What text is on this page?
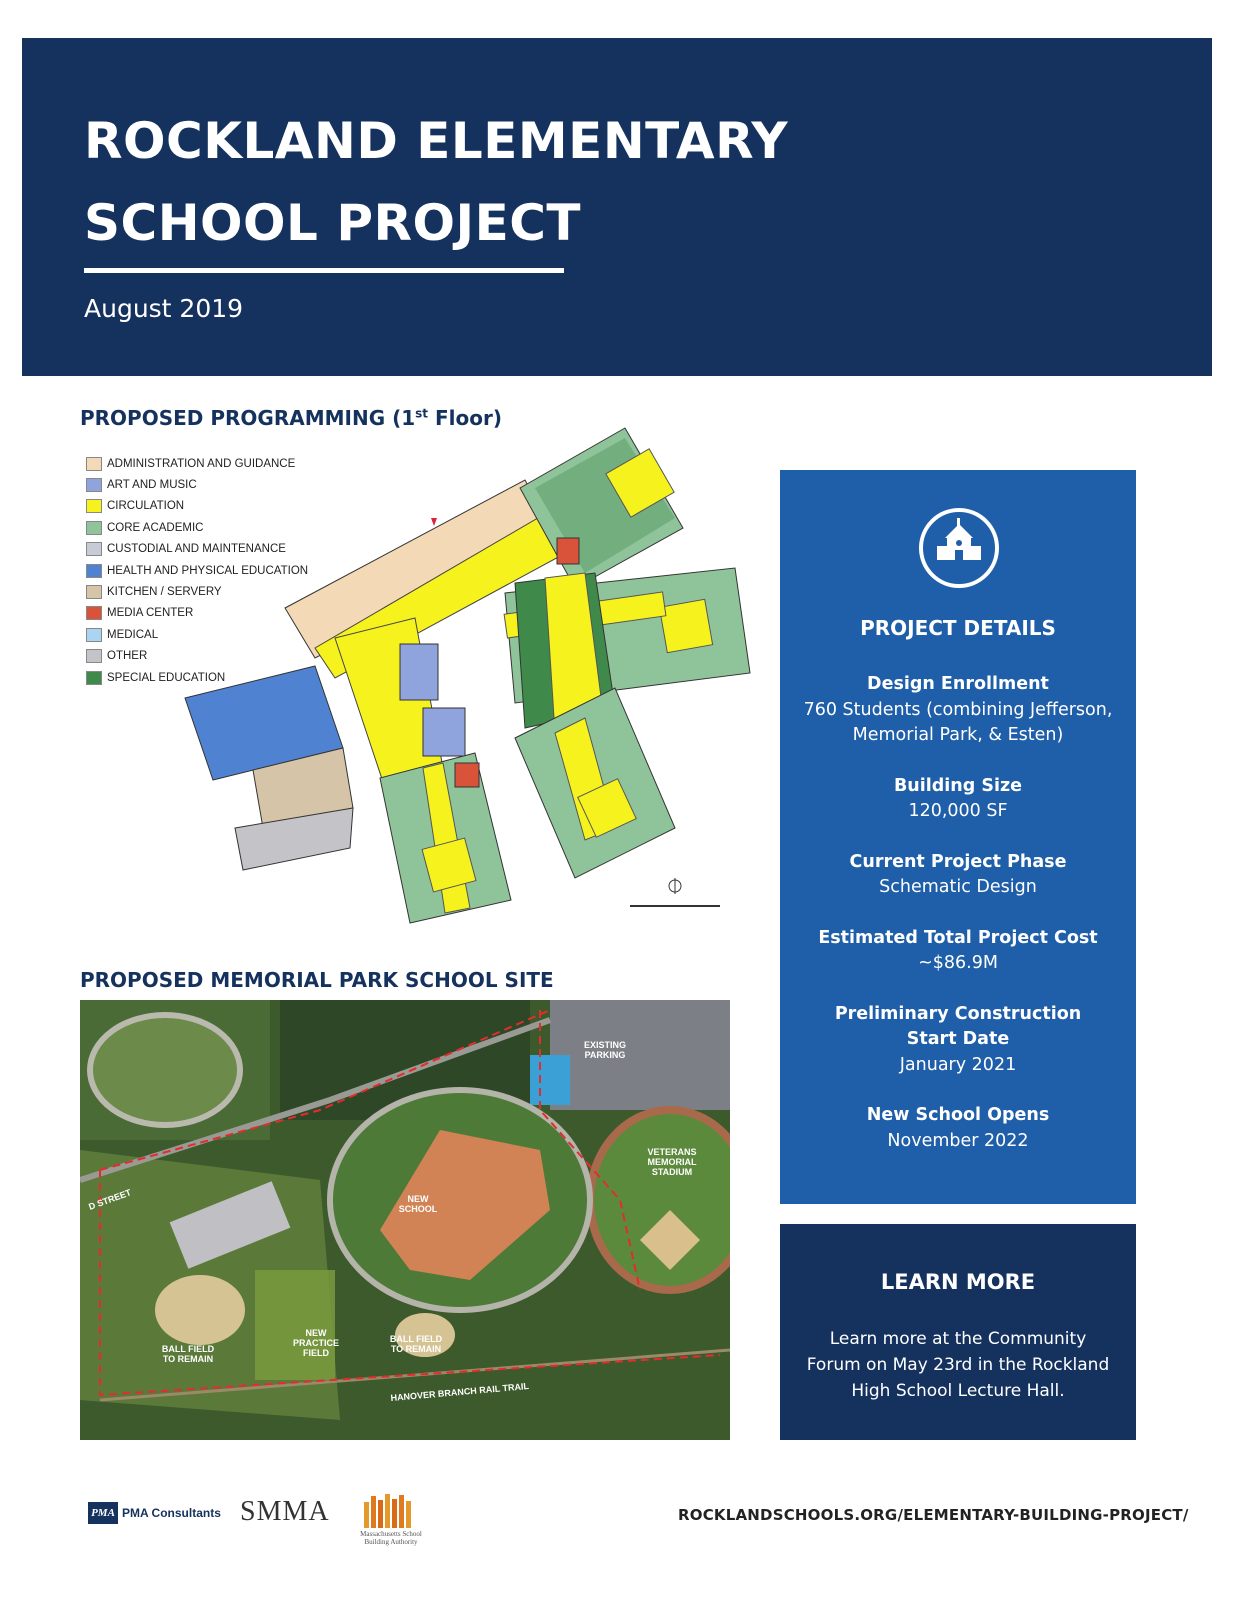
ROCKLAND ELEMENTARY
SCHOOL PROJECT
August 2019
PROPOSED PROGRAMMING (1st Floor)
ADMINISTRATION AND GUIDANCE
ART AND MUSIC
CIRCULATION
CORE ACADEMIC
CUSTODIAL AND MAINTENANCE
HEALTH AND PHYSICAL EDUCATION
KITCHEN / SERVERY
MEDIA CENTER
MEDICAL
OTHER
SPECIAL EDUCATION
PROPOSED MEMORIAL PARK SCHOOL SITE
EXISTING
PARKING
VETERANS
MEMORIAL
STADIUM
NEW
SCHOOL
D STREET
NEW
PRACTICE
FIELD
BALL FIELD
TO REMAIN
BALL FIELD
TO REMAIN
HANOVER BRANCH RAIL TRAIL
PROJECT DETAILS
Design Enrollment
760 Students (combining Jefferson, Memorial Park, & Esten)
Building Size
120,000 SF
Current Project Phase
Schematic Design
Estimated Total Project Cost
~$86.9M
Preliminary Construction Start Date
January 2021
New School Opens
November 2022
LEARN MORE
Learn more at the Community Forum on May 23rd in the Rockland High School Lecture Hall.
PMA PMA Consultants SMMA
Massachusetts School Building Authority
ROCKLANDSCHOOLS.ORG/ELEMENTARY-BUILDING-PROJECT/
